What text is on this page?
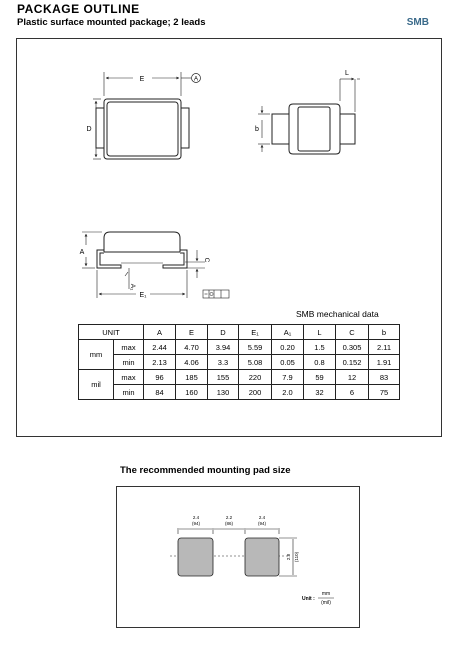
PACKAGE OUTLINE
Plastic surface mounted package; 2 leads	SMB
E	A
D
L
b
A
C
A₁
E₁
SMB mechanical data
UNIT		A	E	D	E₁	A₁	L	C	b
mm	max	2.44	4.70	3.94	5.59	0.20	1.5	0.305	2.11
	min	2.13	4.06	3.3	5.08	0.05	0.8	0.152	1.91
mil	max	96	185	155	220	7.9	59	12	83
	min	84	160	130	200	2.0	32	6	75
The recommended mounting pad size
2.4
(94)
2.2
(86)
2.4
(94)
2.8 (110)
Unit :
mm
(mil)
